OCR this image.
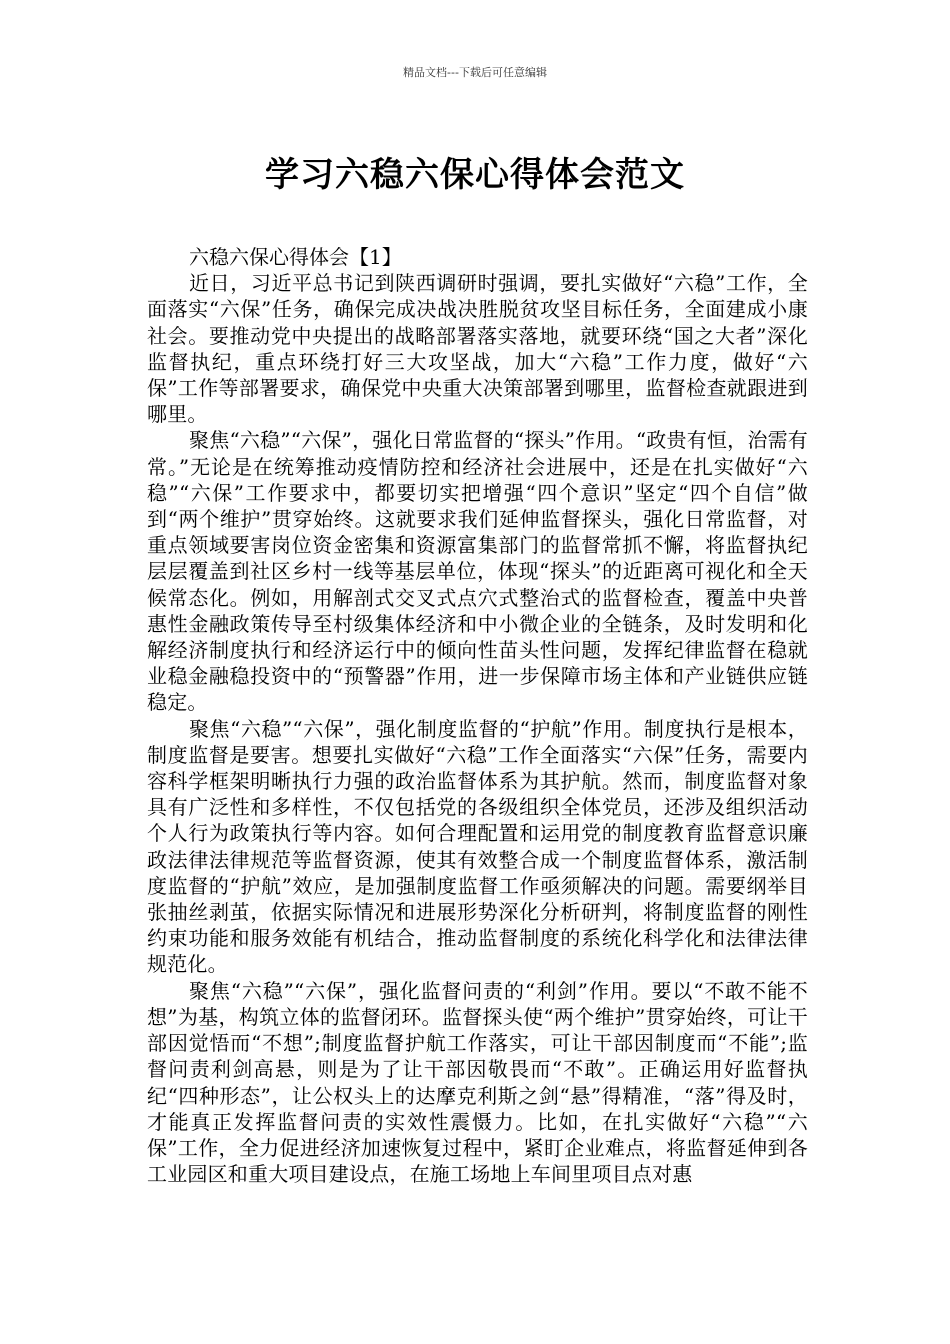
精品文档---下载后可任意编辑
学习六稳六保心得体会范文

六稳六保心得体会【1】

近日，习近平总书记到陕西调研时强调，要扎实做好“六稳”工作，全面落实“六保”任务，确保完成决战决胜脱贫攻坚目标任务，全面建成小康社会。要推动党中央提出的战略部署落实落地，就要环绕“国之大者”深化监督执纪，重点环绕打好三大攻坚战，加大“六稳”工作力度，做好“六保”工作等部署要求，确保党中央重大决策部署到哪里，监督检查就跟进到哪里。

聚焦“六稳”“六保”，强化日常监督的“探头”作用。“政贵有恒，治需有常。”无论是在统筹推动疫情防控和经济社会进展中，还是在扎实做好“六稳”“六保”工作要求中，都要切实把增强“四个意识”坚定“四个自信”做到“两个维护”贯穿始终。这就要求我们延伸监督探头，强化日常监督，对重点领域要害岗位资金密集和资源富集部门的监督常抓不懈，将监督执纪层层覆盖到社区乡村一线等基层单位，体现“探头”的近距离可视化和全天候常态化。例如，用解剖式交叉式点穴式整治式的监督检查，覆盖中央普惠性金融政策传导至村级集体经济和中小微企业的全链条，及时发明和化解经济制度执行和经济运行中的倾向性苗头性问题，发挥纪律监督在稳就业稳金融稳投资中的“预警器”作用，进一步保障市场主体和产业链供应链稳定。

聚焦“六稳”“六保”，强化制度监督的“护航”作用。制度执行是根本，制度监督是要害。想要扎实做好“六稳”工作全面落实“六保”任务，需要内容科学框架明晰执行力强的政治监督体系为其护航。然而，制度监督对象具有广泛性和多样性，不仅包括党的各级组织全体党员，还涉及组织活动个人行为政策执行等内容。如何合理配置和运用党的制度教育监督意识廉政法律法律规范等监督资源，使其有效整合成一个制度监督体系，激活制度监督的“护航”效应，是加强制度监督工作亟须解决的问题。需要纲举目张抽丝剥茧，依据实际情况和进展形势深化分析研判，将制度监督的刚性约束功能和服务效能有机结合，推动监督制度的系统化科学化和法律法律规范化。

聚焦“六稳”“六保”，强化监督问责的“利剑”作用。要以“不敢不能不想”为基，构筑立体的监督闭环。监督探头使“两个维护”贯穿始终，可让干部因觉悟而“不想”;制度监督护航工作落实，可让干部因制度而“不能”;监督问责利剑高悬，则是为了让干部因敬畏而“不敢”。正确运用好监督执纪“四种形态”，让公权头上的达摩克利斯之剑“悬”得精准，“落”得及时，才能真正发挥监督问责的实效性震慑力。比如，在扎实做好“六稳”“六保”工作，全力促进经济加速恢复过程中，紧盯企业难点，将监督延伸到各工业园区和重大项目建设点，在施工场地上车间里项目点对惠
